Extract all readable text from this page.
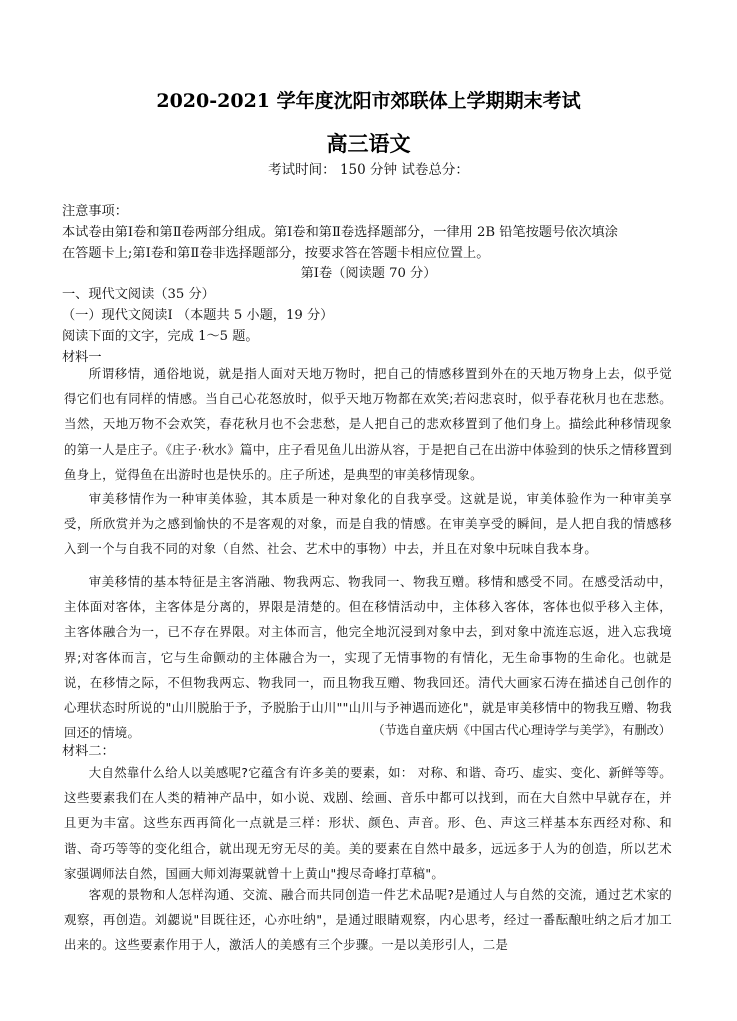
2020-2021 学年度沈阳市郊联体上学期期末考试
高三语文
考试时间： 150 分钟 试卷总分：
注意事项：
本试卷由第Ⅰ卷和第Ⅱ卷两部分组成。第Ⅰ卷和第Ⅱ卷选择题部分，一律用 2B 铅笔按题号依次填涂
在答题卡上;第Ⅰ卷和第Ⅱ卷非选择题部分，按要求答在答题卡相应位置上。
第Ⅰ卷（阅读题 70 分）
一、现代文阅读（35 分）
（一）现代文阅读Ⅰ （本题共 5 小题，19 分）
阅读下面的文字，完成 1～5 题。
材料一

所谓移情，通俗地说，就是指人面对天地万物时，把自己的情感移置到外在的天地万物身上去，似乎觉得它们也有同样的情感。当自己心花怒放时，似乎天地万物都在欢笑;若闷悲哀时，似乎春花秋月也在悲愁。当然，天地万物不会欢笑，春花秋月也不会悲愁，是人把自己的悲欢移置到了他们身上。描绘此种移情现象的第一人是庄子。《庄子·秋水》篇中，庄子看见鱼儿出游从容，于是把自己在出游中体验到的快乐之情移置到鱼身上，觉得鱼在出游时也是快乐的。庄子所述，是典型的审美移情现象。

审美移情作为一种审美体验，其本质是一种对象化的自我享受。这就是说，审美体验作为一种审美享受，所欣赏并为之感到愉快的不是客观的对象，而是自我的情感。在审美享受的瞬间，是人把自我的情感移入到一个与自我不同的对象（自然、社会、艺术中的事物）中去，并且在对象中玩味自我本身。

审美移情的基本特征是主客消融、物我两忘、物我同一、物我互赠。移情和感受不同。在感受活动中，主体面对客体，主客体是分离的，界限是清楚的。但在移情活动中，主体移入客体，客体也似乎移入主体，主客体融合为一，已不存在界限。对主体而言，他完全地沉浸到对象中去，到对象中流连忘返，进入忘我境界;对客体而言，它与生命颤动的主体融合为一，实现了无情事物的有情化，无生命事物的生命化。也就是说，在移情之际，不但物我两忘、物我同一，而且物我互赠、物我回还。清代大画家石涛在描述自己创作的心理状态时所说的"山川脱胎于予，予脱胎于山川""山川与予神遇而迹化"，就是审美移情中的物我互赠、物我回还的情境。	（节选自童庆炳《中国古代心理诗学与美学》，有删改）
材料二：

大自然靠什么给人以美感呢?它蕴含有许多美的要素，如： 对称、和谐、奇巧、虚实、变化、新鲜等等。这些要素我们在人类的精神产品中，如小说、戏剧、绘画、音乐中都可以找到，而在大自然中早就存在，并且更为丰富。这些东西再简化一点就是三样：形状、颜色、声音。形、色、声这三样基本东西经对称、和谐、奇巧等等的变化组合，就出现无穷无尽的美。美的要素在自然中最多，远远多于人为的创造，所以艺术家强调师法自然，国画大师刘海粟就曾十上黄山"搜尽奇峰打草稿"。

客观的景物和人怎样沟通、交流、融合而共同创造一件艺术品呢?是通过人与自然的交流，通过艺术家的观察，再创造。刘勰说"目既往还，心亦吐纳"，是通过眼睛观察，内心思考，经过一番酝酿吐纳之后才加工出来的。这些要素作用于人，激活人的美感有三个步骤。一是以美形引人，二是
